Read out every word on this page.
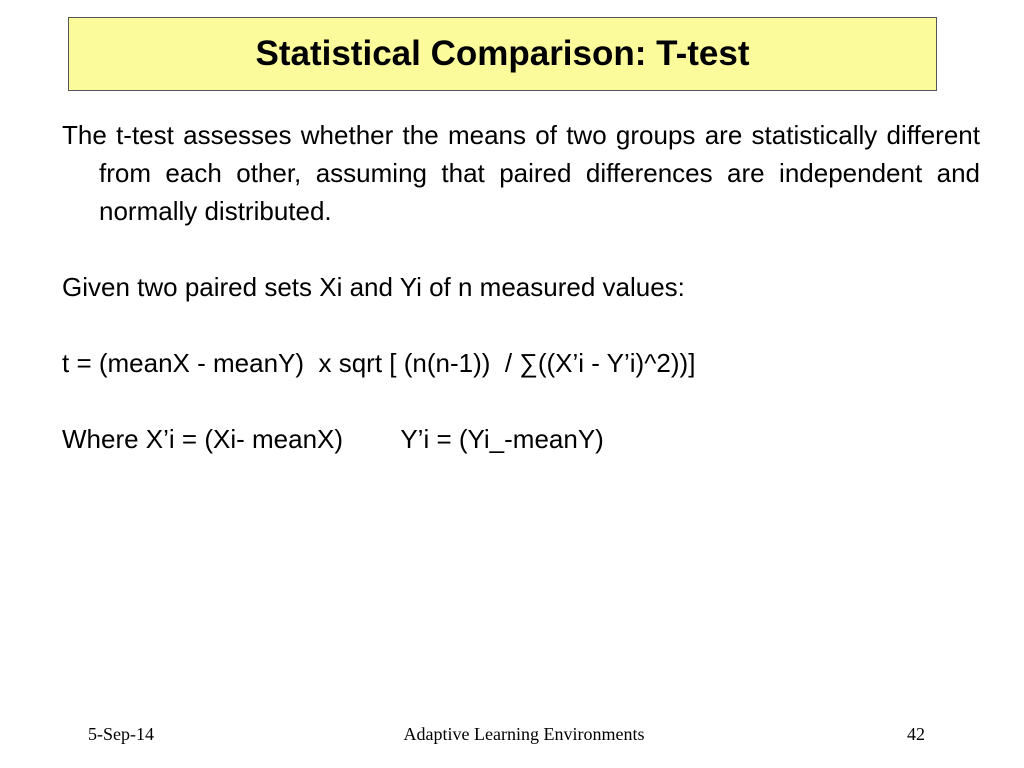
Statistical Comparison: T-test

The t-test assesses whether the means of two groups are statistically different from each other, assuming that paired differences are independent and normally distributed.

Given two paired sets Xi and Yi of n measured values:

t = (meanX - meanY)  x sqrt [ (n(n-1))  / ∑((X’i - Y’i)^2))]

Where X’i = (Xi- meanX)        Y’i = (Yi_-meanY)

5-Sep-14	Adaptive Learning Environments	42
